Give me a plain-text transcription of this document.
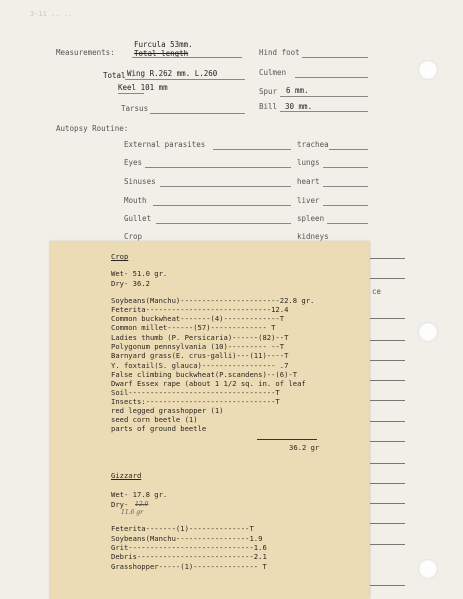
3-11 .. ..
Measurements:
Furcula 53mm.
Total length
Total Wing R.262 mm. L.260
Keel 101 mm
Tarsus
Hind foot
Culmen
Spur 6 mm.
Bill 30 mm.
Autopsy Routine:
External parasites	trachea
Eyes	lungs
Sinuses	heart
Mouth	liver
Gullet	spleen
Crop	kidneys
ce
Crop
Wet- 51.0 gr.
Dry- 36.2
Soybeans(Manchu)-----------------------22.8 gr.
Feterita-----------------------------12.4
Common buckwheat-------(4)-------------T
Common millet------(57)------------- T
Ladies thumb (P. Persicaria)------(82)--T
Polygonum pennsylvania (10)--------- --T
Barnyard grass(E. crus-galli)---(11)----T
Y. foxtail(S. glauca)----------------- .7
False climbing buckwheat(P.scandens)--(6)-T
Dwarf Essex rape (about 1 1/2 sq. in. of leaf
Soil----------------------------------T
Insects:------------------------------T
red legged grasshopper (1)
seed corn beetle (1)
parts of ground beetle
36.2 gr
Gizzard
Wet- 17.8 gr.
Dry- 12.0
11.6 gr
Feterita-------(1)--------------T
Soybeans(Manchu-----------------1.9
Grit-----------------------------1.6
Debris---------------------------2.1
Grasshopper-----(1)--------------- T
